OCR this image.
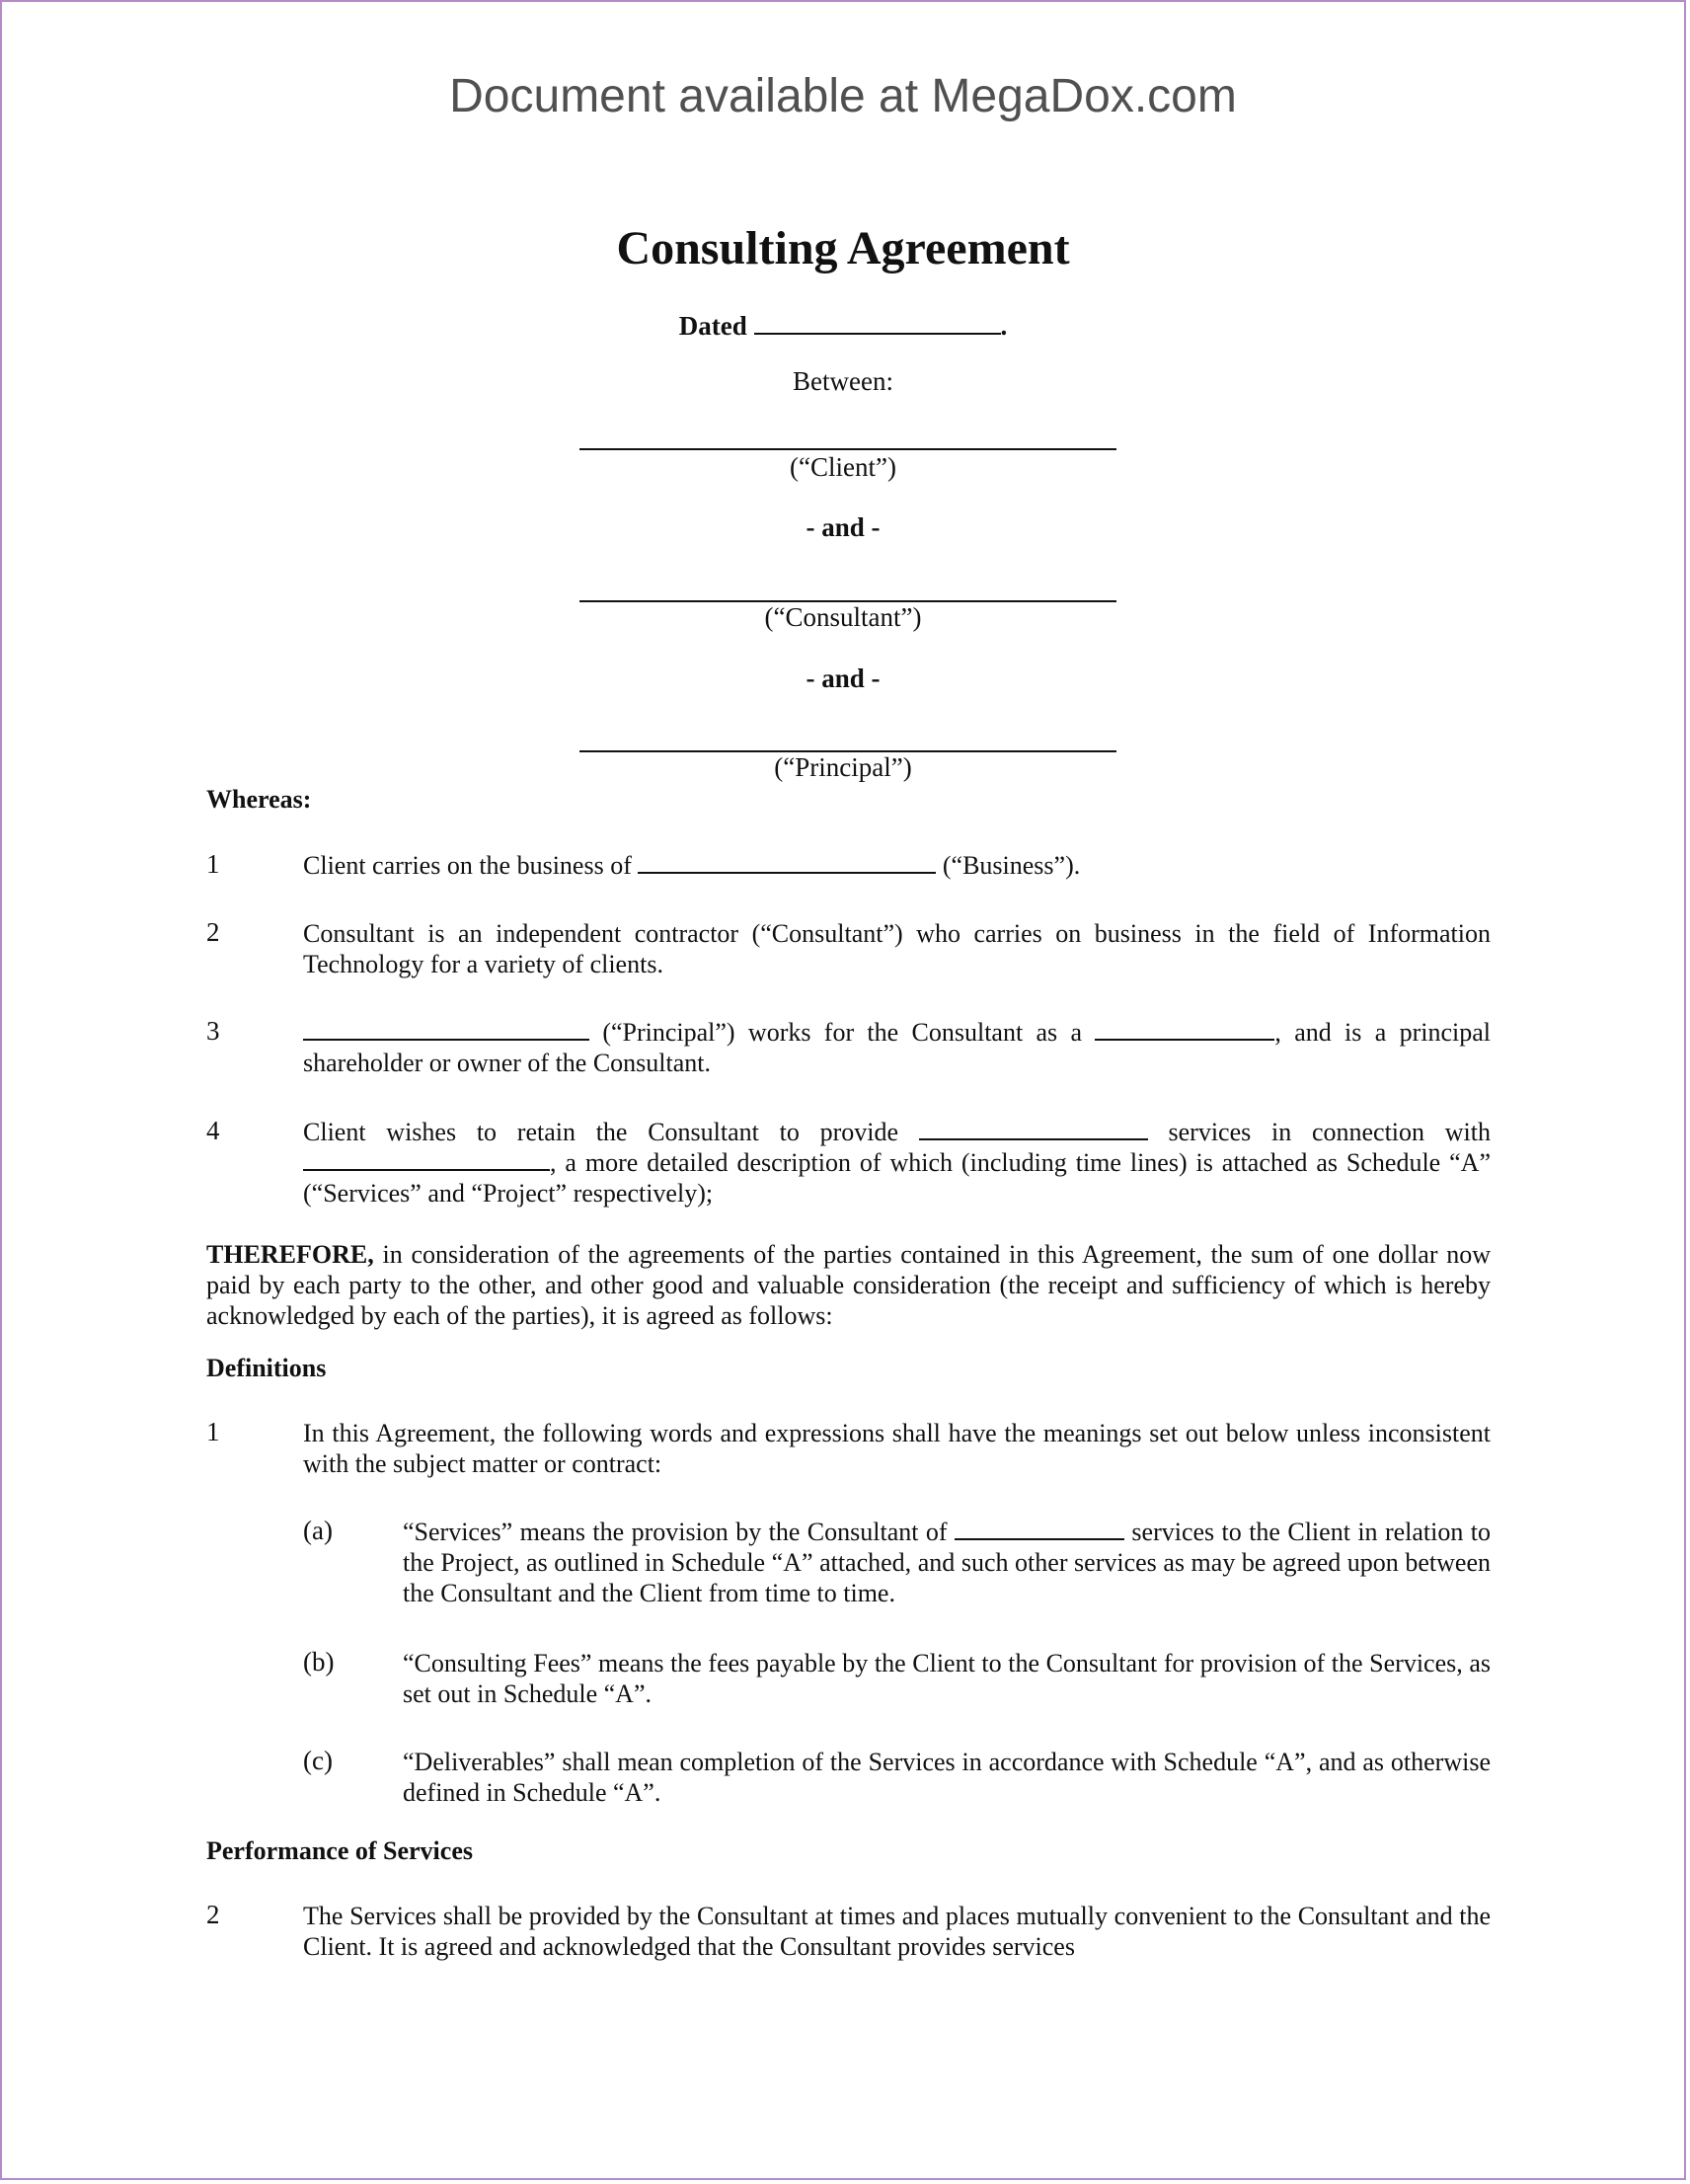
Document available at MegaDox.com
Consulting Agreement
Dated	.
Between:
(“Client”)
- and -
(“Consultant”)
- and -
(“Principal”)
Whereas:
1	Client carries on the business of	(“Business”).
2	Consultant is an independent contractor (“Consultant”) who carries on business in the field of Information Technology for a variety of clients.
3	(“Principal”) works for the Consultant as a	, and is a principal shareholder or owner of the Consultant.
4	Client wishes to retain the Consultant to provide	services in connection with , a more detailed description of which (including time lines) is attached as Schedule “A” (“Services” and “Project” respectively);
THEREFORE, in consideration of the agreements of the parties contained in this Agreement, the sum of one dollar now paid by each party to the other, and other good and valuable consideration (the receipt and sufficiency of which is hereby acknowledged by each of the parties), it is agreed as follows:
Definitions
1	In this Agreement, the following words and expressions shall have the meanings set out below unless inconsistent with the subject matter or contract:
(a)	“Services” means the provision by the Consultant of	services to the Client in relation to the Project, as outlined in Schedule “A” attached, and such other services as may be agreed upon between the Consultant and the Client from time to time.
(b)	“Consulting Fees” means the fees payable by the Client to the Consultant for provision of the Services, as set out in Schedule “A”.
(c)	“Deliverables” shall mean completion of the Services in accordance with Schedule “A”, and as otherwise defined in Schedule “A”.
Performance of Services
2	The Services shall be provided by the Consultant at times and places mutually convenient to the Consultant and the Client. It is agreed and acknowledged that the Consultant provides services
